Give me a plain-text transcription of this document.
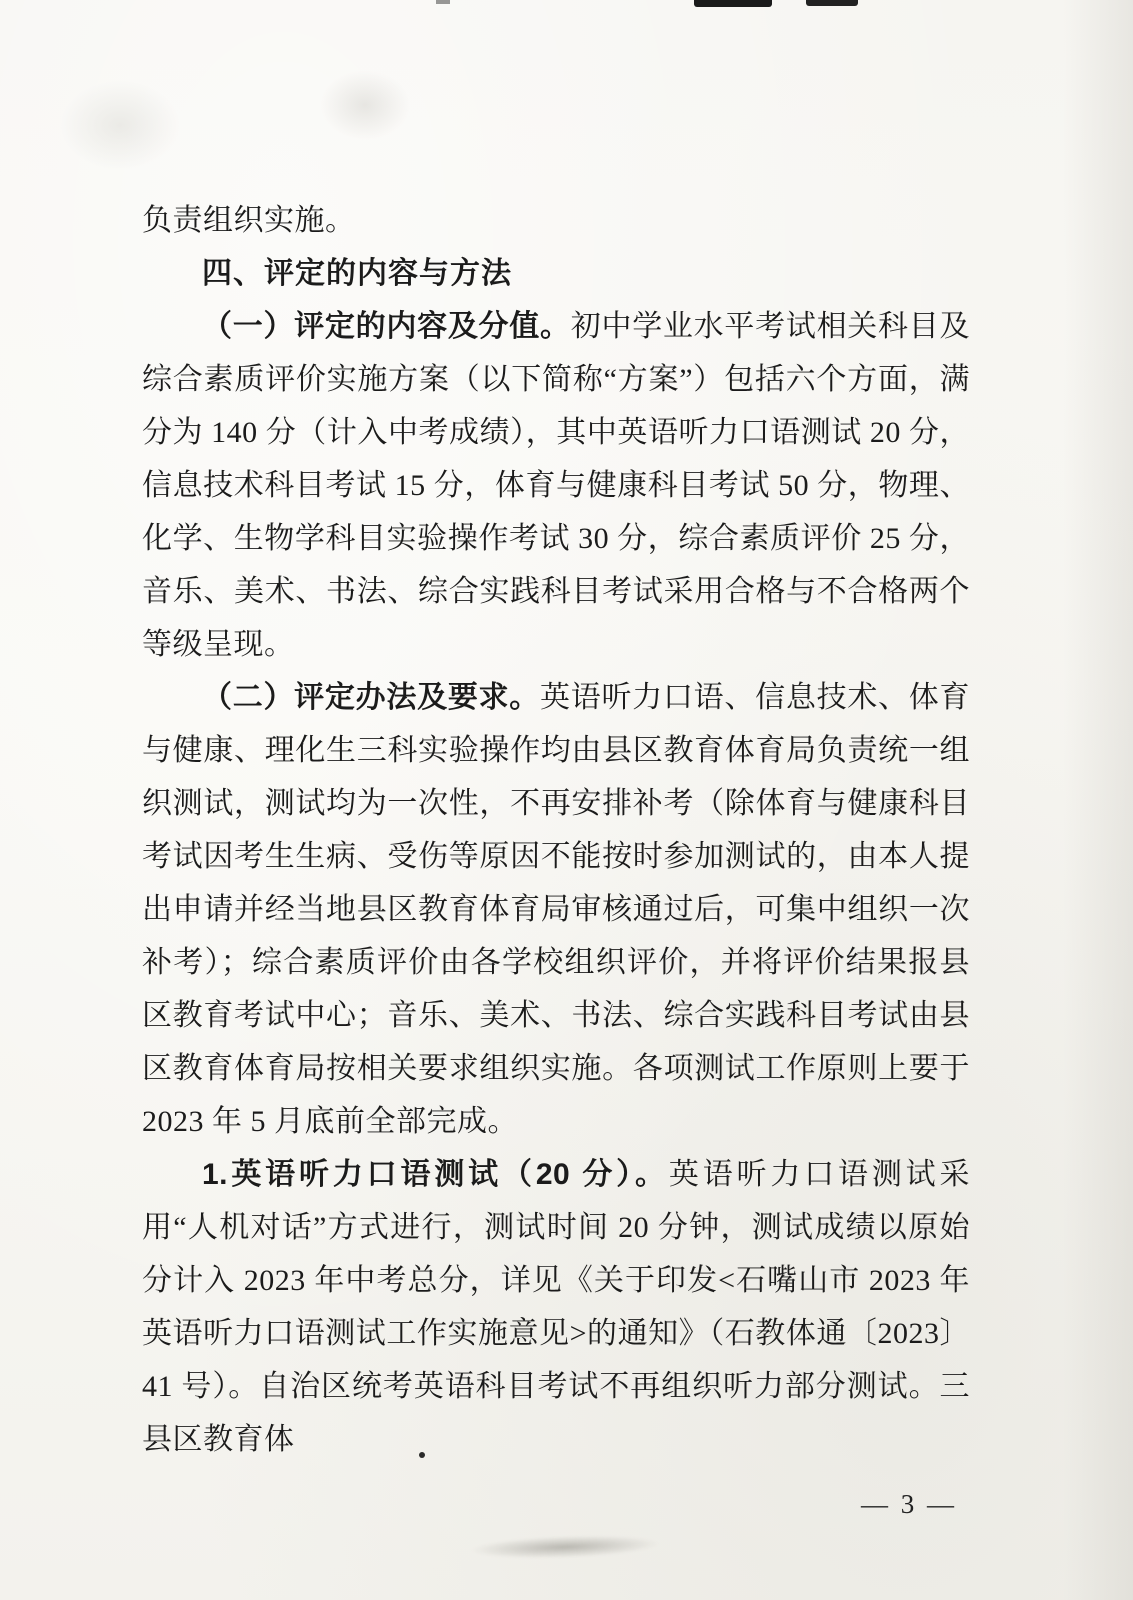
负责组织实施。

四、评定的内容与方法

（一）评定的内容及分值。初中学业水平考试相关科目及综合素质评价实施方案（以下简称“方案”）包括六个方面，满分为 140 分（计入中考成绩），其中英语听力口语测试 20 分，信息技术科目考试 15 分，体育与健康科目考试 50 分，物理、化学、生物学科目实验操作考试 30 分，综合素质评价 25 分，音乐、美术、书法、综合实践科目考试采用合格与不合格两个等级呈现。

（二）评定办法及要求。英语听力口语、信息技术、体育与健康、理化生三科实验操作均由县区教育体育局负责统一组织测试，测试均为一次性，不再安排补考（除体育与健康科目考试因考生生病、受伤等原因不能按时参加测试的，由本人提出申请并经当地县区教育体育局审核通过后，可集中组织一次补考）；综合素质评价由各学校组织评价，并将评价结果报县区教育考试中心；音乐、美术、书法、综合实践科目考试由县区教育体育局按相关要求组织实施。各项测试工作原则上要于 2023 年 5 月底前全部完成。

1.英语听力口语测试（20 分）。英语听力口语测试采用“人机对话”方式进行，测试时间 20 分钟，测试成绩以原始分计入 2023 年中考总分，详见《关于印发<石嘴山市 2023 年英语听力口语测试工作实施意见>的通知》（石教体通〔2023〕41 号）。自治区统考英语科目考试不再组织听力部分测试。三县区教育体

— 3 —
